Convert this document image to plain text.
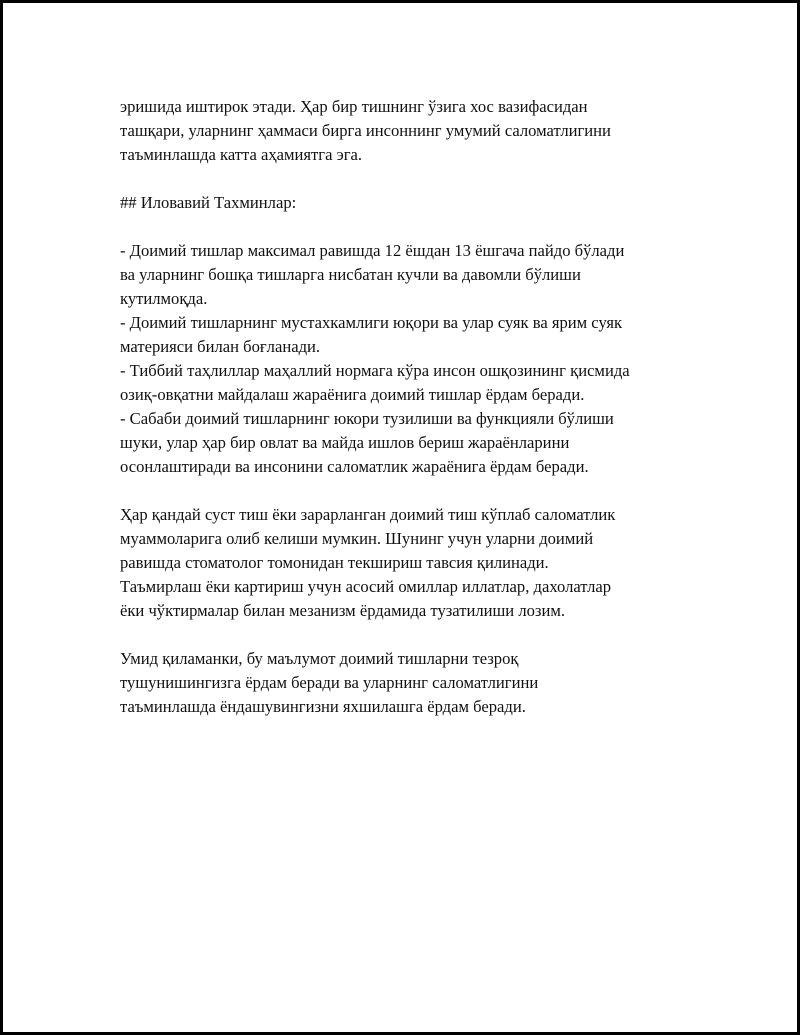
эришида иштирок этади. Ҳар бир тишнинг ўзига хос вазифасидан
ташқари, уларнинг ҳаммаси бирга инсоннинг умумий саломатлигини
таъминлашда катта аҳамиятга эга.

## Иловавий Тахминлар:
- Доимий тишлар максимал равишда 12 ёшдан 13 ёшгача пайдо бўлади
ва уларнинг бошқа тишларга нисбатан кучли ва давомли бўлиши
кутилмоқда.
- Доимий тишларнинг мустахкамлиги юқори ва улар суяк ва ярим суяк
материяси билан боғланади.
- Тиббий таҳлиллар маҳаллий нормага кўра инсон ошқозининг қисмида
озиқ-овқатни майдалаш жараёнига доимий тишлар ёрдам беради.
- Сабаби доимий тишларнинг юкори тузилиши ва функцияли бўлиши
шуки, улар ҳар бир овлат ва майда ишлов бериш жараёнларини
осонлаштиради ва инсонини саломатлик жараёнига ёрдам беради.

Ҳар қандай суст тиш ёки зарарланган доимий тиш кўплаб саломатлик
муаммоларига олиб келиши мумкин. Шунинг учун уларни доимий
равишда стоматолог томонидан текшириш тавсия қилинади.
Таъмирлаш ёки картириш учун асосий омиллар иллатлар, дахолатлар
ёки чўктирмалар билан мезанизм ёрдамида тузатилиши лозим.

Умид қиламанки, бу маълумот доимий тишларни тезроқ
тушунишингизга ёрдам беради ва уларнинг саломатлигини
таъминлашда ёндашувингизни яхшилашга ёрдам беради.
